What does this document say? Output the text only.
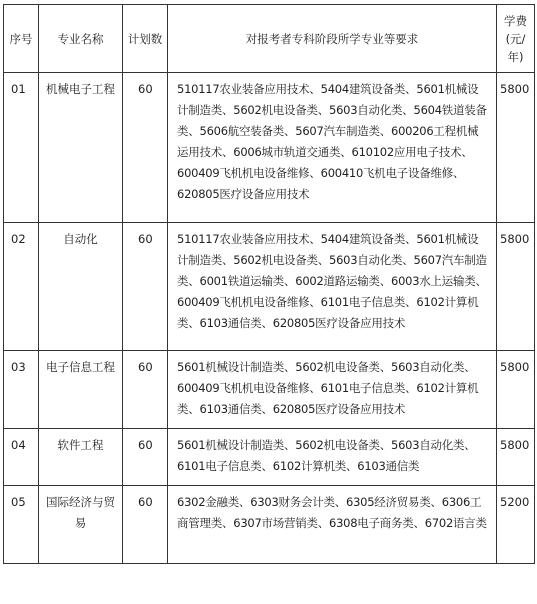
序号	专业名称	计划数	对报考者专科阶段所学专业等要求	学费(元/年)
01	机械电子工程	60	510117农业装备应用技术、5404建筑设备类、5601机械设计制造类、5602机电设备类、5603自动化类、5604铁道装备类、5606航空装备类、5607汽车制造类、600206工程机械运用技术、6006城市轨道交通类、610102应用电子技术、600409飞机机电设备维修、600410飞机电子设备维修、620805医疗设备应用技术	5800
02	自动化	60	510117农业装备应用技术、5404建筑设备类、5601机械设计制造类、5602机电设备类、5603自动化类、5607汽车制造类、6001铁道运输类、6002道路运输类、6003水上运输类、600409飞机机电设备维修、6101电子信息类、6102计算机类、6103通信类、620805医疗设备应用技术	5800
03	电子信息工程	60	5601机械设计制造类、5602机电设备类、5603自动化类、600409飞机机电设备维修、6101电子信息类、6102计算机类、6103通信类、620805医疗设备应用技术	5800
04	软件工程	60	5601机械设计制造类、5602机电设备类、5603自动化类、6101电子信息类、6102计算机类、6103通信类	5800
05	国际经济与贸易	60	6302金融类、6303财务会计类、6305经济贸易类、6306工商管理类、6307市场营销类、6308电子商务类、6702语言类	5200
